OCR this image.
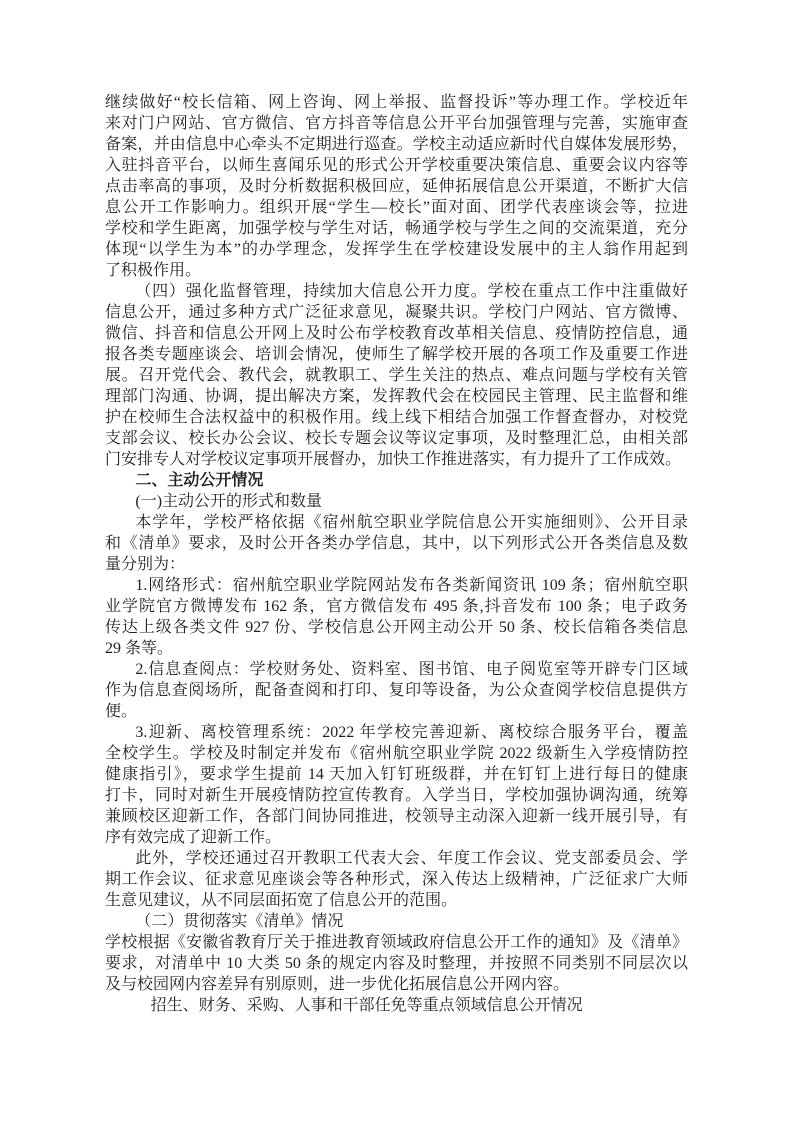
继续做好“校长信箱、网上咨询、网上举报、监督投诉”等办理工作。学校近年
来对门户网站、官方微信、官方抖音等信息公开平台加强管理与完善，实施审查
备案，并由信息中心牵头不定期进行巡查。学校主动适应新时代自媒体发展形势，
入驻抖音平台，以师生喜闻乐见的形式公开学校重要决策信息、重要会议内容等
点击率高的事项，及时分析数据积极回应，延伸拓展信息公开渠道，不断扩大信
息公开工作影响力。组织开展“学生—校长”面对面、团学代表座谈会等，拉进
学校和学生距离，加强学校与学生对话，畅通学校与学生之间的交流渠道，充分
体现“以学生为本”的办学理念，发挥学生在学校建设发展中的主人翁作用起到
了积极作用。
（四）强化监督管理，持续加大信息公开力度。学校在重点工作中注重做好
信息公开，通过多种方式广泛征求意见，凝聚共识。学校门户网站、官方微博、
微信、抖音和信息公开网上及时公布学校教育改革相关信息、疫情防控信息，通
报各类专题座谈会、培训会情况，使师生了解学校开展的各项工作及重要工作进
展。召开党代会、教代会，就教职工、学生关注的热点、难点问题与学校有关管
理部门沟通、协调，提出解决方案，发挥教代会在校园民主管理、民主监督和维
护在校师生合法权益中的积极作用。线上线下相结合加强工作督查督办，对校党
支部会议、校长办公会议、校长专题会议等议定事项，及时整理汇总，由相关部
门安排专人对学校议定事项开展督办，加快工作推进落实，有力提升了工作成效。
二、主动公开情况
(一)主动公开的形式和数量
本学年，学校严格依据《宿州航空职业学院信息公开实施细则》、公开目录
和《清单》要求，及时公开各类办学信息，其中，以下列形式公开各类信息及数
量分别为：
1.网络形式：宿州航空职业学院网站发布各类新闻资讯 109 条；宿州航空职
业学院官方微博发布 162 条，官方微信发布 495 条,抖音发布 100 条；电子政务
传达上级各类文件 927 份、学校信息公开网主动公开 50 条、校长信箱各类信息
29 条等。
2.信息查阅点：学校财务处、资料室、图书馆、电子阅览室等开辟专门区域
作为信息查阅场所，配备查阅和打印、复印等设备，为公众查阅学校信息提供方
便。
3.迎新、离校管理系统：2022 年学校完善迎新、离校综合服务平台，覆盖
全校学生。学校及时制定并发布《宿州航空职业学院 2022 级新生入学疫情防控
健康指引》，要求学生提前 14 天加入钉钉班级群，并在钉钉上进行每日的健康
打卡，同时对新生开展疫情防控宣传教育。入学当日，学校加强协调沟通，统筹
兼顾校区迎新工作，各部门间协同推进，校领导主动深入迎新一线开展引导，有
序有效完成了迎新工作。
此外，学校还通过召开教职工代表大会、年度工作会议、党支部委员会、学
期工作会议、征求意见座谈会等各种形式，深入传达上级精神，广泛征求广大师
生意见建议，从不同层面拓宽了信息公开的范围。
（二）贯彻落实《清单》情况
学校根据《安徽省教育厅关于推进教育领域政府信息公开工作的通知》及《清单》
要求，对清单中 10 大类 50 条的规定内容及时整理，并按照不同类别不同层次以
及与校园网内容差异有别原则，进一步优化拓展信息公开网内容。
招生、财务、采购、人事和干部任免等重点领域信息公开情况
